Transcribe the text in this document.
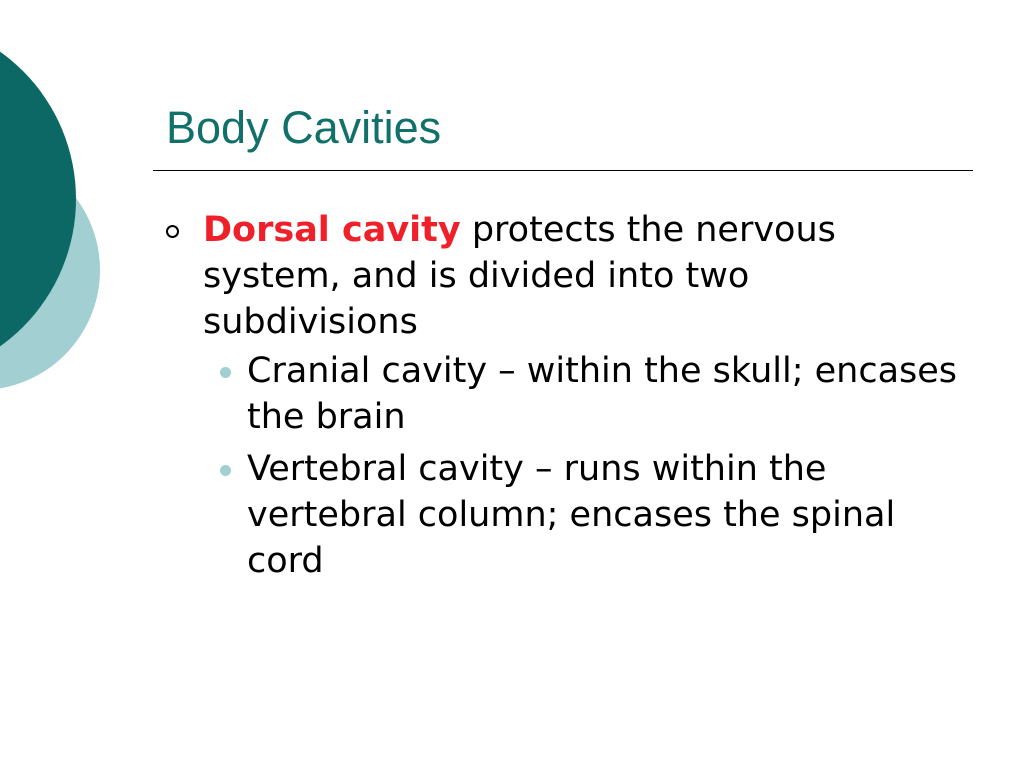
Body Cavities
Dorsal cavity protects the nervous system, and is divided into two subdivisions
Cranial cavity – within the skull; encases the brain
Vertebral cavity – runs within the vertebral column; encases the spinal cord
